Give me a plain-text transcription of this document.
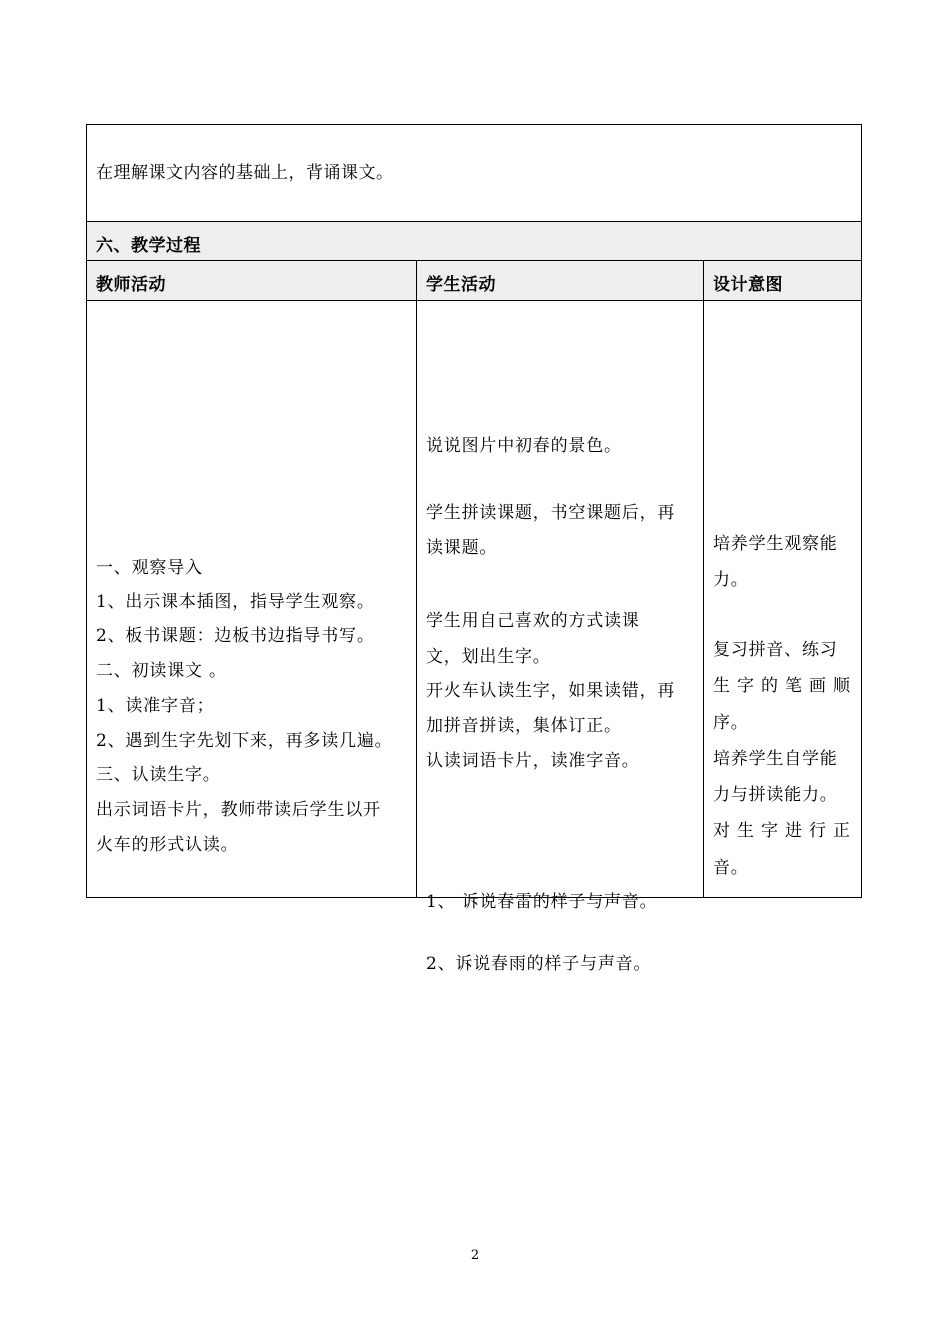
在理解课文内容的基础上，背诵课文。
六、教学过程
教师活动	学生活动	设计意图
一、观察导入
1、出示课本插图，指导学生观察。
2、板书课题：边板书边指导书写。
二、初读课文 。
1、读准字音；
2、遇到生字先划下来，再多读几遍。
三、认读生字。
出示词语卡片，教师带读后学生以开
火车的形式认读。
说说图片中初春的景色。
学生拼读课题，书空课题后，再
读课题。
学生用自己喜欢的方式读课
文，划出生字。
开火车认读生字，如果读错，再
加拼音拼读，集体订正。
认读词语卡片，读准字音。
1、 诉说春雷的样子与声音。
2、诉说春雨的样子与声音。
培养学生观察能
力。
复习拼音、练习
生 字 的 笔 画 顺
序。
培养学生自学能
力与拼读能力。
对 生 字 进 行 正
音。
2
